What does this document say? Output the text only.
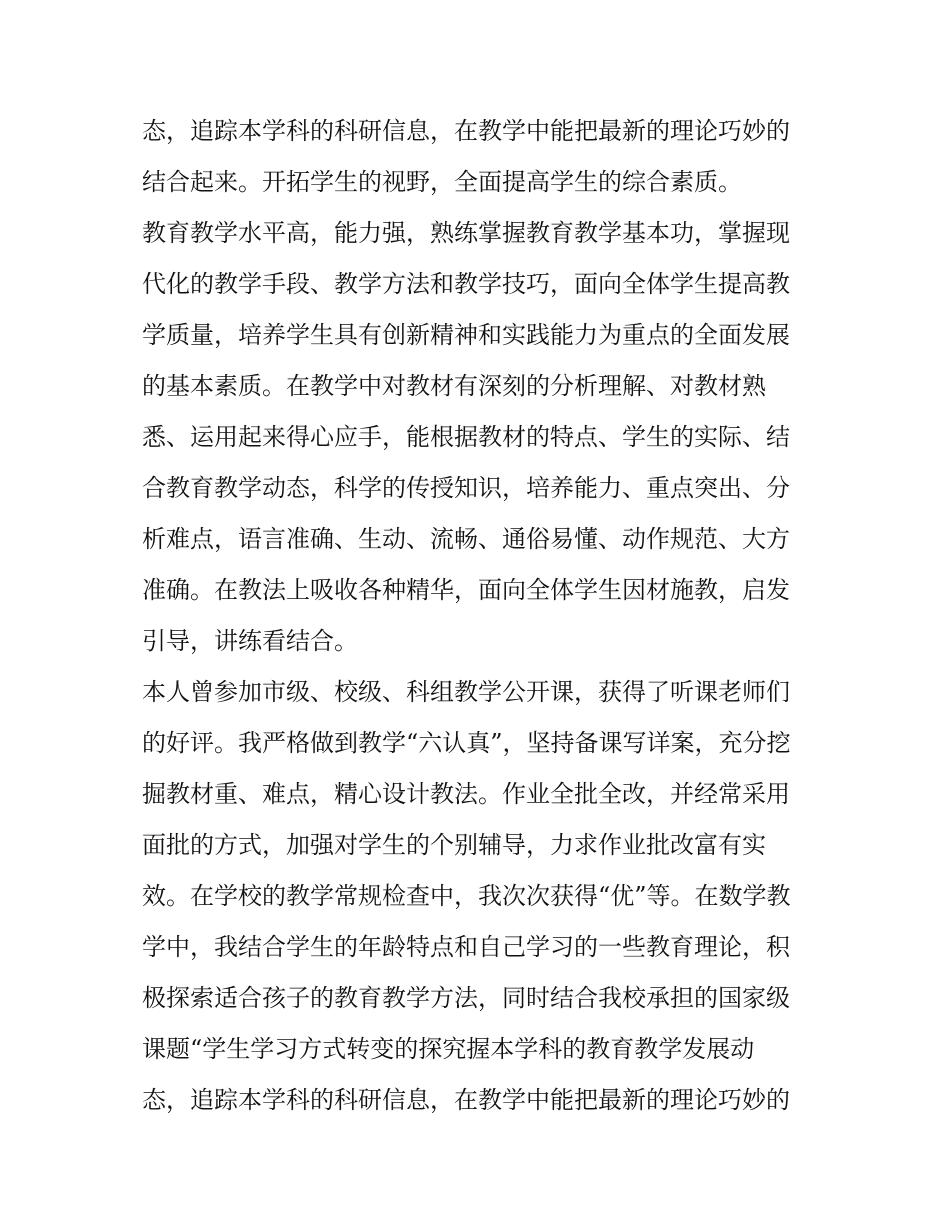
态，追踪本学科的科研信息，在教学中能把最新的理论巧妙的
结合起来。开拓学生的视野，全面提高学生的综合素质。
教育教学水平高，能力强，熟练掌握教育教学基本功，掌握现
代化的教学手段、教学方法和教学技巧，面向全体学生提高教
学质量，培养学生具有创新精神和实践能力为重点的全面发展
的基本素质。在教学中对教材有深刻的分析理解、对教材熟
悉、运用起来得心应手，能根据教材的特点、学生的实际、结
合教育教学动态，科学的传授知识，培养能力、重点突出、分
析难点，语言准确、生动、流畅、通俗易懂、动作规范、大方
准确。在教法上吸收各种精华，面向全体学生因材施教，启发
引导，讲练看结合。
本人曾参加市级、校级、科组教学公开课，获得了听课老师们
的好评。我严格做到教学“六认真”，坚持备课写详案，充分挖
掘教材重、难点，精心设计教法。作业全批全改，并经常采用
面批的方式，加强对学生的个别辅导，力求作业批改富有实
效。在学校的教学常规检查中，我次次获得“优”等。在数学教
学中，我结合学生的年龄特点和自己学习的一些教育理论，积
极探索适合孩子的教育教学方法，同时结合我校承担的国家级
课题“学生学习方式转变的探究握本学科的教育教学发展动
态，追踪本学科的科研信息，在教学中能把最新的理论巧妙的
